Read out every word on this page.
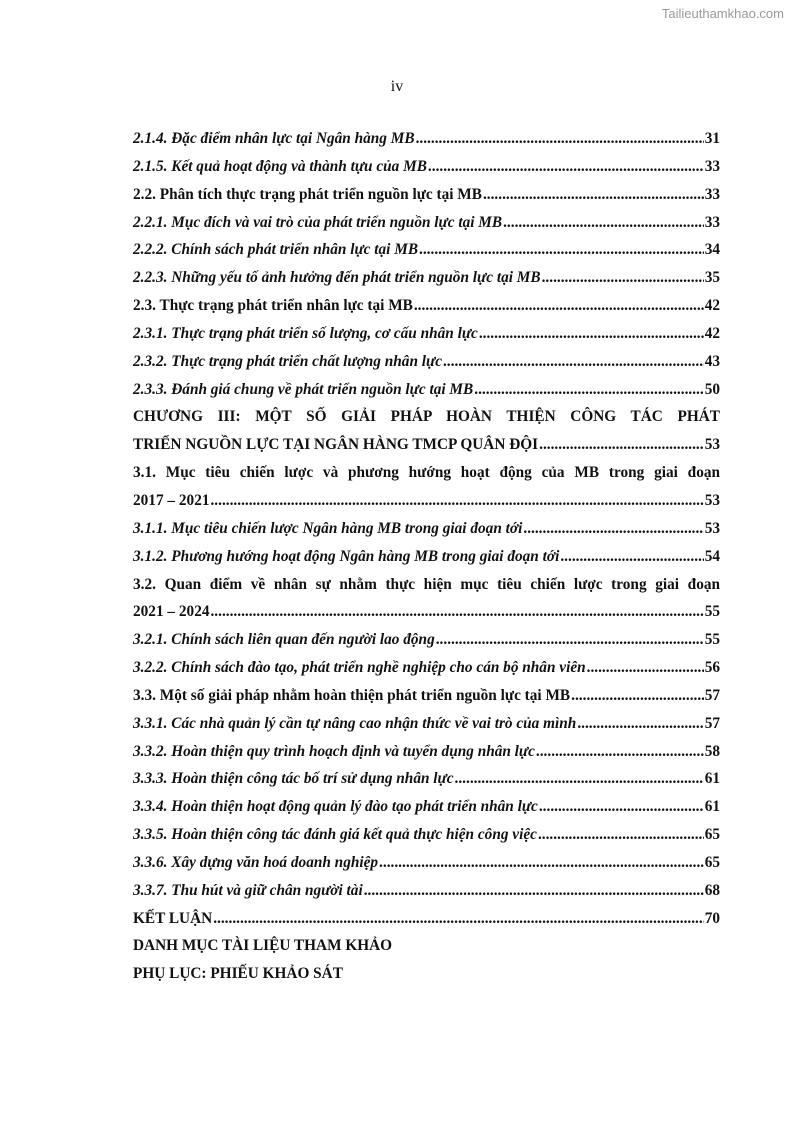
Tailieuthamkhao.com
iv
2.1.4. Đặc điểm nhân lực tại Ngân hàng MB .....	31
2.1.5. Kết quả hoạt động và thành tựu của MB .....	33
2.2. Phân tích thực trạng phát triển nguồn lực tại MB .....	33
2.2.1. Mục đích và vai trò của phát triển nguồn lực tại MB .....	33
2.2.2. Chính sách phát triển nhân lực tại MB .....	34
2.2.3. Những yếu tố ảnh hưởng đến phát triển nguồn lực tại MB .....	35
2.3. Thực trạng phát triển nhân lực tại MB .....	42
2.3.1. Thực trạng phát triển số lượng, cơ cấu nhân lực .....	42
2.3.2. Thực trạng phát triển chất lượng nhân lực .....	43
2.3.3. Đánh giá chung về phát triển nguồn lực tại MB .....	50
CHƯƠNG III: MỘT SỐ GIẢI PHÁP HOÀN THIỆN CÔNG TÁC PHÁT
TRIỂN NGUỒN LỰC TẠI NGÂN HÀNG TMCP QUÂN ĐỘI .....	53
3.1. Mục tiêu chiến lược và phương hướng hoạt động của MB trong giai đoạn
2017 – 2021 .....	53
3.1.1. Mục tiêu chiến lược Ngân hàng MB trong giai đoạn tới .....	53
3.1.2. Phương hướng hoạt động Ngân hàng MB trong giai đoạn tới .....	54
3.2. Quan điểm về nhân sự nhằm thực hiện mục tiêu chiến lược trong giai đoạn
2021 – 2024 .....	55
3.2.1. Chính sách liên quan đến người lao động .....	55
3.2.2. Chính sách đào tạo, phát triển nghề nghiệp cho cán bộ nhân viên .....	56
3.3. Một số giải pháp nhằm hoàn thiện phát triển nguồn lực tại MB .....	57
3.3.1. Các nhà quản lý cần tự nâng cao nhận thức về vai trò của mình .....	57
3.3.2. Hoàn thiện quy trình hoạch định và tuyển dụng nhân lực .....	58
3.3.3. Hoàn thiện công tác bố trí sử dụng nhân lực .....	61
3.3.4. Hoàn thiện hoạt động quản lý đào tạo phát triển nhân lực .....	61
3.3.5. Hoàn thiện công tác đánh giá kết quả thực hiện công việc .....	65
3.3.6. Xây dựng văn hoá doanh nghiệp .....	65
3.3.7. Thu hút và giữ chân người tài .....	68
KẾT LUẬN .....	70
DANH MỤC TÀI LIỆU THAM KHẢO
PHỤ LỤC: PHIẾU KHẢO SÁT
